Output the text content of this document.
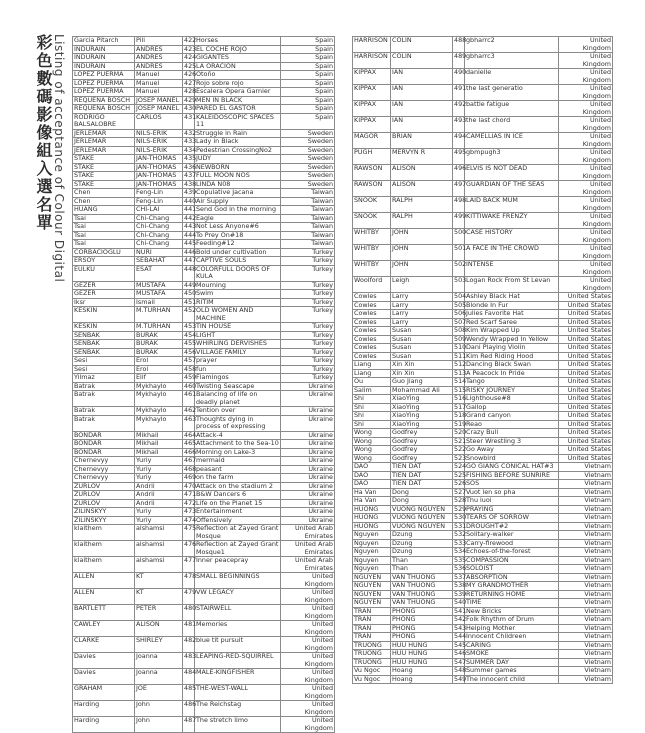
彩色數碼影像組入選名單 Listing of acceptance of Colour Digital Garcia Pitarch	Pili	422	Horses	Spain
INDURAIN	ANDRES	423	EL COCHE ROJO	Spain
INDURAIN	ANDRES	424	GIGANTES	Spain
INDURAIN	ANDRES	425	LA ORACION	Spain
LOPEZ PUERMA	Manuel	426	Otoño	Spain
LOPEZ PUERMA	Manuel	427	Rojo sobre rojo	Spain
LOPEZ PUERMA	Manuel	428	Escalera Opera Garnier	Spain
REQUENA BOSCH	JOSEP MANEL	429	MEN IN BLACK	Spain
REQUENA BOSCH	JOSEP MANEL	430	PARED EL GASTOR	Spain
RODRIGO BALSALOBRE	CARLOS	431	KALEIDOSCOPIC SPACES 11	Spain
JERLEMAR	NILS-ERIK	432	Struggle in Rain	Sweden
JERLEMAR	NILS-ERIK	433	Lady in Black	Sweden
JERLEMAR	NILS-ERIK	434	Pedestrian CrossingNo2	Sweden
STAKE	JAN-THOMAS	435	JUDY	Sweden
STAKE	JAN-THOMAS	436	NEWBORN	Sweden
STAKE	JAN-THOMAS	437	FULL MOON NOS	Sweden
STAKE	JAN-THOMAS	438	LINDA N08	Sweden
Chen	Feng-Lin	439	Copulative Jacana	Taiwan
Chen	Feng-Lin	440	Air Supply	Taiwan
HUANG	CHI-LAI	441	Send God in the morning	Taiwan
Tsai	Chi-Chang	442	Eagle	Taiwan
Tsai	Chi-Chang	443	Not Less Anyone#6	Taiwan
Tsai	Chi-Chang	444	To Prey On#18	Taiwan
Tsai	Chi-Chang	445	Feeding#12	Taiwan
CORBACIOGLU	NURI	446	Bold under cultivation	Turkey
ERSOY	SEBAHAT	447	CAPTIVE SOULS	Turkey
EULKU	ESAT	448	COLORFULL DOORS OF KULA	Turkey
GEZER	MUSTAFA	449	Mourning	Turkey
GEZER	MUSTAFA	450	Swim	Turkey
Iksr	Ismail	451	RITIM	Turkey
KESKIN	M.TURHAN	452	OLD WOMEN AND MACHINE	Turkey
KESKIN	M.TURHAN	453	TIN HOUSE	Turkey
SENBAK	BURAK	454	LIGHT	Turkey
SENBAK	BURAK	455	WHIRLING DERVISHES	Turkey
SENBAK	BURAK	456	VILLAGE FAMILY	Turkey
Sesi	Erol	457	prayer	Turkey
Sesi	Erol	458	fun	Turkey
Yilmaz	Elif	459	Flamingos	Turkey
Batrak	Mykhaylo	460	Twisting Seascape	Ukraine
Batrak	Mykhaylo	461	Balancing of life on deadly planet	Ukraine
Batrak	Mykhaylo	462	Tention over	Ukraine
Batrak	Mykhaylo	463	Thoughts dying in process of expressing	Ukraine
BONDAR	Mikhail	464	Attack-4	Ukraine
BONDAR	Mikhail	465	Attachment to the Sea-10	Ukraine
BONDAR	Mikhail	466	Morning on Lake-3	Ukraine
Chernevyy	Yuriy	467	mermaid	Ukraine
Chernevyy	Yuriy	468	peasant	Ukraine
Chernevyy	Yuriy	469	on the farm	Ukraine
ZURLOV	Andrii	470	Attack on the stadium 2	Ukraine
ZURLOV	Andrii	471	B&W Dancers 6	Ukraine
ZURLOV	Andrii	472	Life on the Planet 15	Ukraine
ZILINSKYY	Yuriy	473	Entertainment	Ukraine
ZILINSKYY	Yuriy	474	Offensively	Ukraine
klaithem	alshamsi	475	Reflection at Zayed Grant Mosque	United Arab Emirates
klaithem	alshamsi	476	Reflection at Zayed Grant Mosque1	United Arab Emirates
klaithem	alshamsi	477	Inner peacepray	United Arab Emirates
ALLEN	KT	478	SMALL BEGINNINGS	United Kingdom
ALLEN	KT	479	VW LEGACY	United Kingdom
BARTLETT	PETER	480	STAIRWELL	United Kingdom
CAWLEY	ALISON	481	Memories	United Kingdom
CLARKE	SHIRLEY	482	blue tit pursuit	United Kingdom
Davies	Joanna	483	LEAPING-RED-SQUIRREL	United Kingdom
Davies	Joanna	484	MALE-KINGFISHER	United Kingdom
GRAHAM	JOE	485	THE-WEST-WALL	United Kingdom
Harding	John	486	The Reichstag	United Kingdom
Harding	John	487	The stretch limo	United Kingdom
HARRISON	COLIN	488	gbharrc2	United Kingdom
HARRISON	COLIN	489	gbharrc3	United Kingdom
KIPPAX	IAN	490	danielle	United Kingdom
KIPPAX	IAN	491	the last generatio	United Kingdom
KIPPAX	IAN	492	battle fatigue	United Kingdom
KIPPAX	IAN	493	the last chord	United Kingdom
MAGOR	BRIAN	494	CAMELLIAS IN ICE	United Kingdom
PUGH	MERVYN R	495	gbmpugh3	United Kingdom
RAWSON	ALISON	496	ELVIS IS NOT DEAD	United Kingdom
RAWSON	ALISON	497	GUARDIAN OF THE SEAS	United Kingdom
SNOOK	RALPH	498	LAID BACK MUM	United Kingdom
SNOOK	RALPH	499	KITTIWAKE FRENZY	United Kingdom
WHITBY	JOHN	500	CASE HISTORY	United Kingdom
WHITBY	JOHN	501	A FACE IN THE CROWD	United Kingdom
WHITBY	JOHN	502	INTENSE	United Kingdom
Woolford	Leigh	503	Logan Rock From St Levan	United Kingdom
Cowles	Larry	504	Ashley Black Hat	United States
Cowles	Larry	505	Blonde In Fur	United States
Cowles	Larry	506	Julies Favorite Hat	United States
Cowles	Larry	507	Red Scarf Saree	United States
Cowles	Susan	508	Kim Wrapped Up	United States
Cowles	Susan	509	Wendy Wrapped In Yellow	United States
Cowles	Susan	510	Dani Playing Violin	United States
Cowles	Susan	511	Kim Red Riding Hood	United States
Liang	Xin Xin	512	Dancing Black Swan	United States
Liang	Xin Xin	513	A Peacock In Pride	United States
Ou	Guo Jiang	514	Tango	United States
Salim	Mohammad Ali	515	RISKY JOURNEY	United States
Shi	XiaoYing	516	Lighthouse#8	United States
Shi	XiaoYing	517	Gallop	United States
Shi	XiaoYing	518	Grand canyon	United States
Shi	XiaoYing	519	Reao	United States
Wong	Godfrey	520	Crazy Bull	United States
Wong	Godfrey	521	Steer Wrestling 3	United States
Wong	Godfrey	522	Go Away	United States
Wong	Godfrey	523	Snowbird	United States
DAO	TIEN DAT	524	GO GIANG CONICAL HAT#3	Vietnam
DAO	TIEN DAT	525	FISHING BEFORE SUNRIRE	Vietnam
DAO	TIEN DAT	526	SOS	Vietnam
Ha Van	Dong	527	Vuot len so pha	Vietnam
Ha Van	Dong	528	Thu luoi	Vietnam
HUONG	VUONG NGUYEN	529	PRAYING	Vietnam
HUONG	VUONG NGUYEN	530	TEARS OF SORROW	Vietnam
HUONG	VUONG NGUYEN	531	DROUGHT#2	Vietnam
Nguyen	Dzung	532	Solitary-walker	Vietnam
Nguyen	Dzung	533	Carry-firewood	Vietnam
Nguyen	Dzung	534	Echoes-of-the-forest	Vietnam
Nguyen	Than	535	COMPASSION	Vietnam
Nguyen	Than	536	SOLOIST	Vietnam
NGUYEN	VAN THUONG	537	ABSORPTION	Vietnam
NGUYEN	VAN THUONG	538	MY GRANDMOTHER	Vietnam
NGUYEN	VAN THUONG	539	RETURNING HOME	Vietnam
NGUYEN	VAN THUONG	540	TIME	Vietnam
TRAN	PHONG	541	New Bricks	Vietnam
TRAN	PHONG	542	Folk Rhythm of Drum	Vietnam
TRAN	PHONG	543	Helping Mother	Vietnam
TRAN	PHONG	544	Innocent Childreen	Vietnam
TRUONG	HUU HUNG	545	CARING	Vietnam
TRUONG	HUU HUNG	546	SMOKE	Vietnam
TRUONG	HUU HUNG	547	SUMMER DAY	Vietnam
Vu Ngoc	Hoang	548	Summer games	Vietnam
Vu Ngoc	Hoang	549	The innocent child	Vietnam
